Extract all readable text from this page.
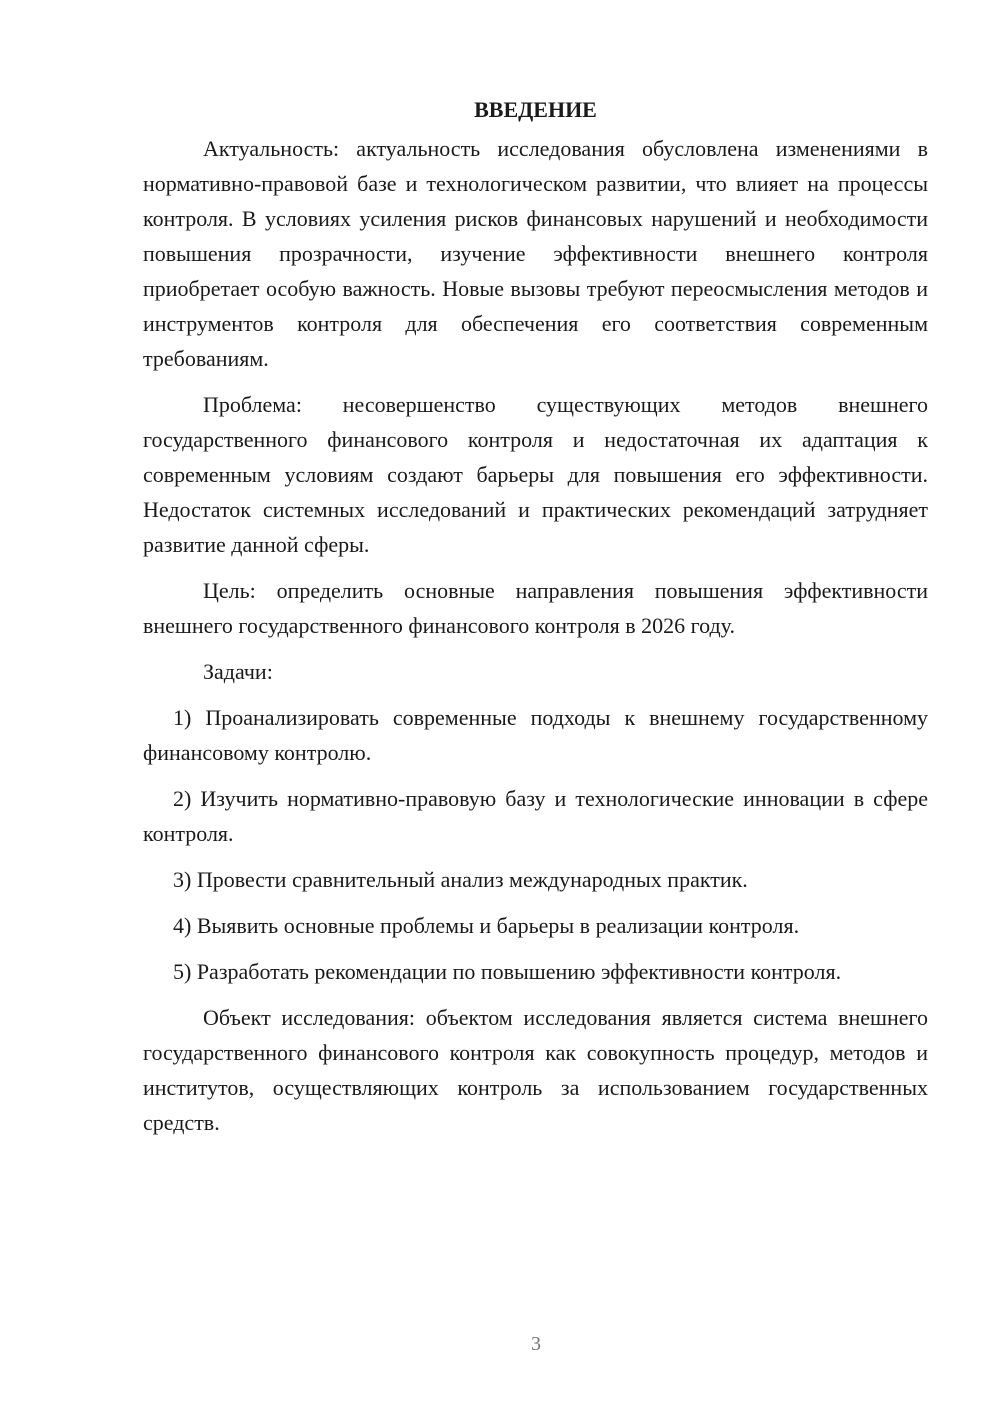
ВВЕДЕНИЕ

Актуальность: актуальность исследования обусловлена изменениями в нормативно-правовой базе и технологическом развитии, что влияет на процессы контроля. В условиях усиления рисков финансовых нарушений и необходимости повышения прозрачности, изучение эффективности внешнего контроля приобретает особую важность. Новые вызовы требуют переосмысления методов и инструментов контроля для обеспечения его соответствия современным требованиям.

Проблема: несовершенство существующих методов внешнего государственного финансового контроля и недостаточная их адаптация к современным условиям создают барьеры для повышения его эффективности. Недостаток системных исследований и практических рекомендаций затрудняет развитие данной сферы.

Цель: определить основные направления повышения эффективности внешнего государственного финансового контроля в 2026 году.

Задачи:

1) Проанализировать современные подходы к внешнему государственному финансовому контролю.

2) Изучить нормативно-правовую базу и технологические инновации в сфере контроля.

3) Провести сравнительный анализ международных практик.

4) Выявить основные проблемы и барьеры в реализации контроля.

5) Разработать рекомендации по повышению эффективности контроля.

Объект исследования: объектом исследования является система внешнего государственного финансового контроля как совокупность процедур, методов и институтов, осуществляющих контроль за использованием государственных средств.

3
